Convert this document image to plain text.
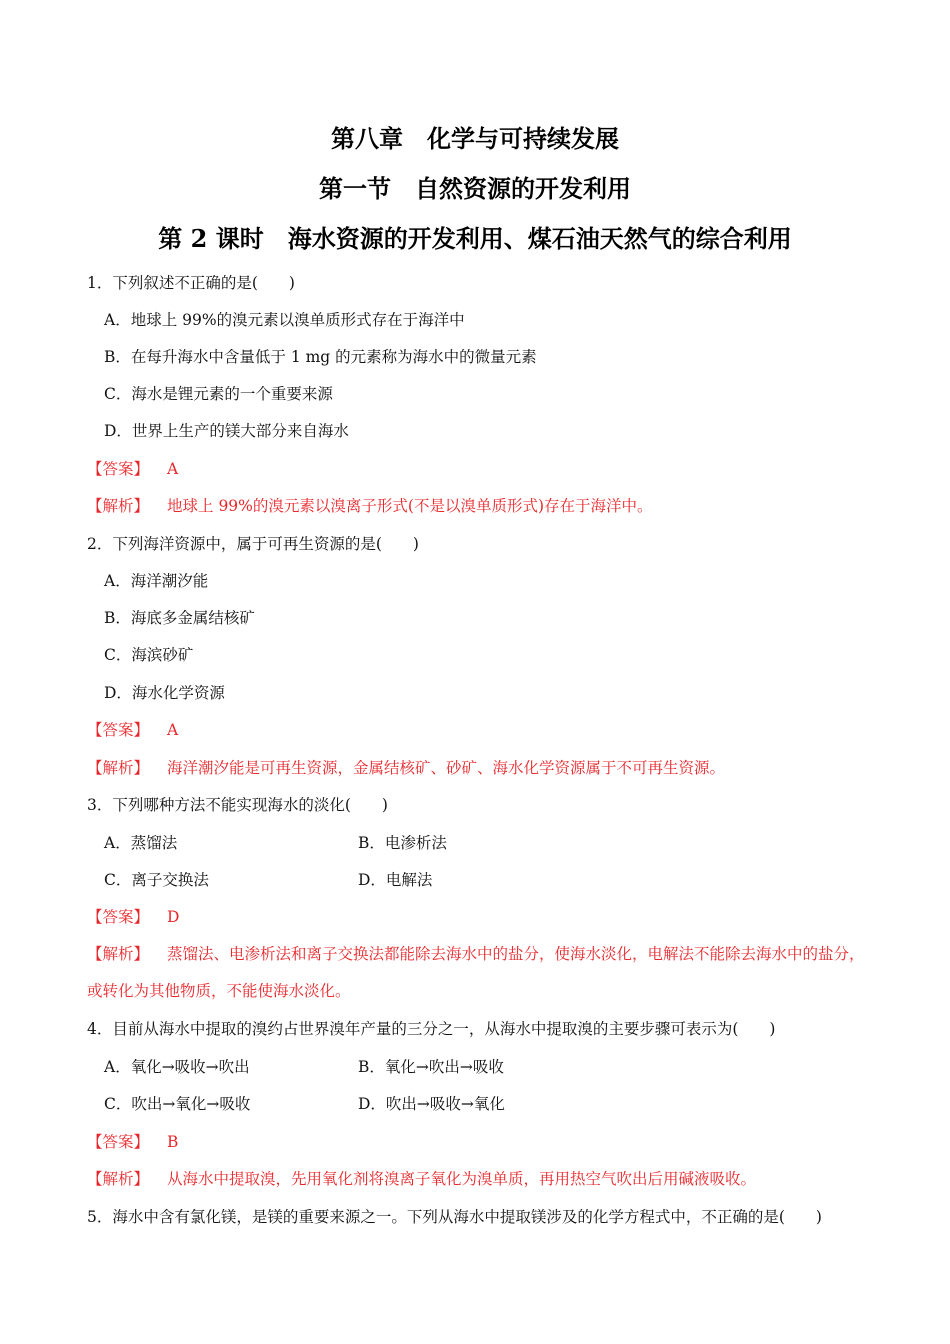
第八章　化学与可持续发展
第一节　自然资源的开发利用
第 2 课时　海水资源的开发利用、煤石油天然气的综合利用
1．下列叙述不正确的是(　　)
A．地球上 99%的溴元素以溴单质形式存在于海洋中
B．在每升海水中含量低于 1 mg 的元素称为海水中的微量元素
C．海水是锂元素的一个重要来源
D．世界上生产的镁大部分来自海水
【答案】 A
【解析】 地球上 99%的溴元素以溴离子形式(不是以溴单质形式)存在于海洋中。
2．下列海洋资源中，属于可再生资源的是(　　)
A．海洋潮汐能
B．海底多金属结核矿
C．海滨砂矿
D．海水化学资源
【答案】 A
【解析】 海洋潮汐能是可再生资源，金属结核矿、砂矿、海水化学资源属于不可再生资源。
3．下列哪种方法不能实现海水的淡化(　　)
A．蒸馏法	B．电渗析法
C．离子交换法	D．电解法
【答案】 D
【解析】 蒸馏法、电渗析法和离子交换法都能除去海水中的盐分，使海水淡化，电解法不能除去海水中的盐分，或转化为其他物质，不能使海水淡化。
4．目前从海水中提取的溴约占世界溴年产量的三分之一，从海水中提取溴的主要步骤可表示为(　　)
A．氧化→吸收→吹出	B．氧化→吹出→吸收
C．吹出→氧化→吸收	D．吹出→吸收→氧化
【答案】 B
【解析】 从海水中提取溴，先用氧化剂将溴离子氧化为溴单质，再用热空气吹出后用碱液吸收。
5．海水中含有氯化镁，是镁的重要来源之一。下列从海水中提取镁涉及的化学方程式中，不正确的是(　　)
